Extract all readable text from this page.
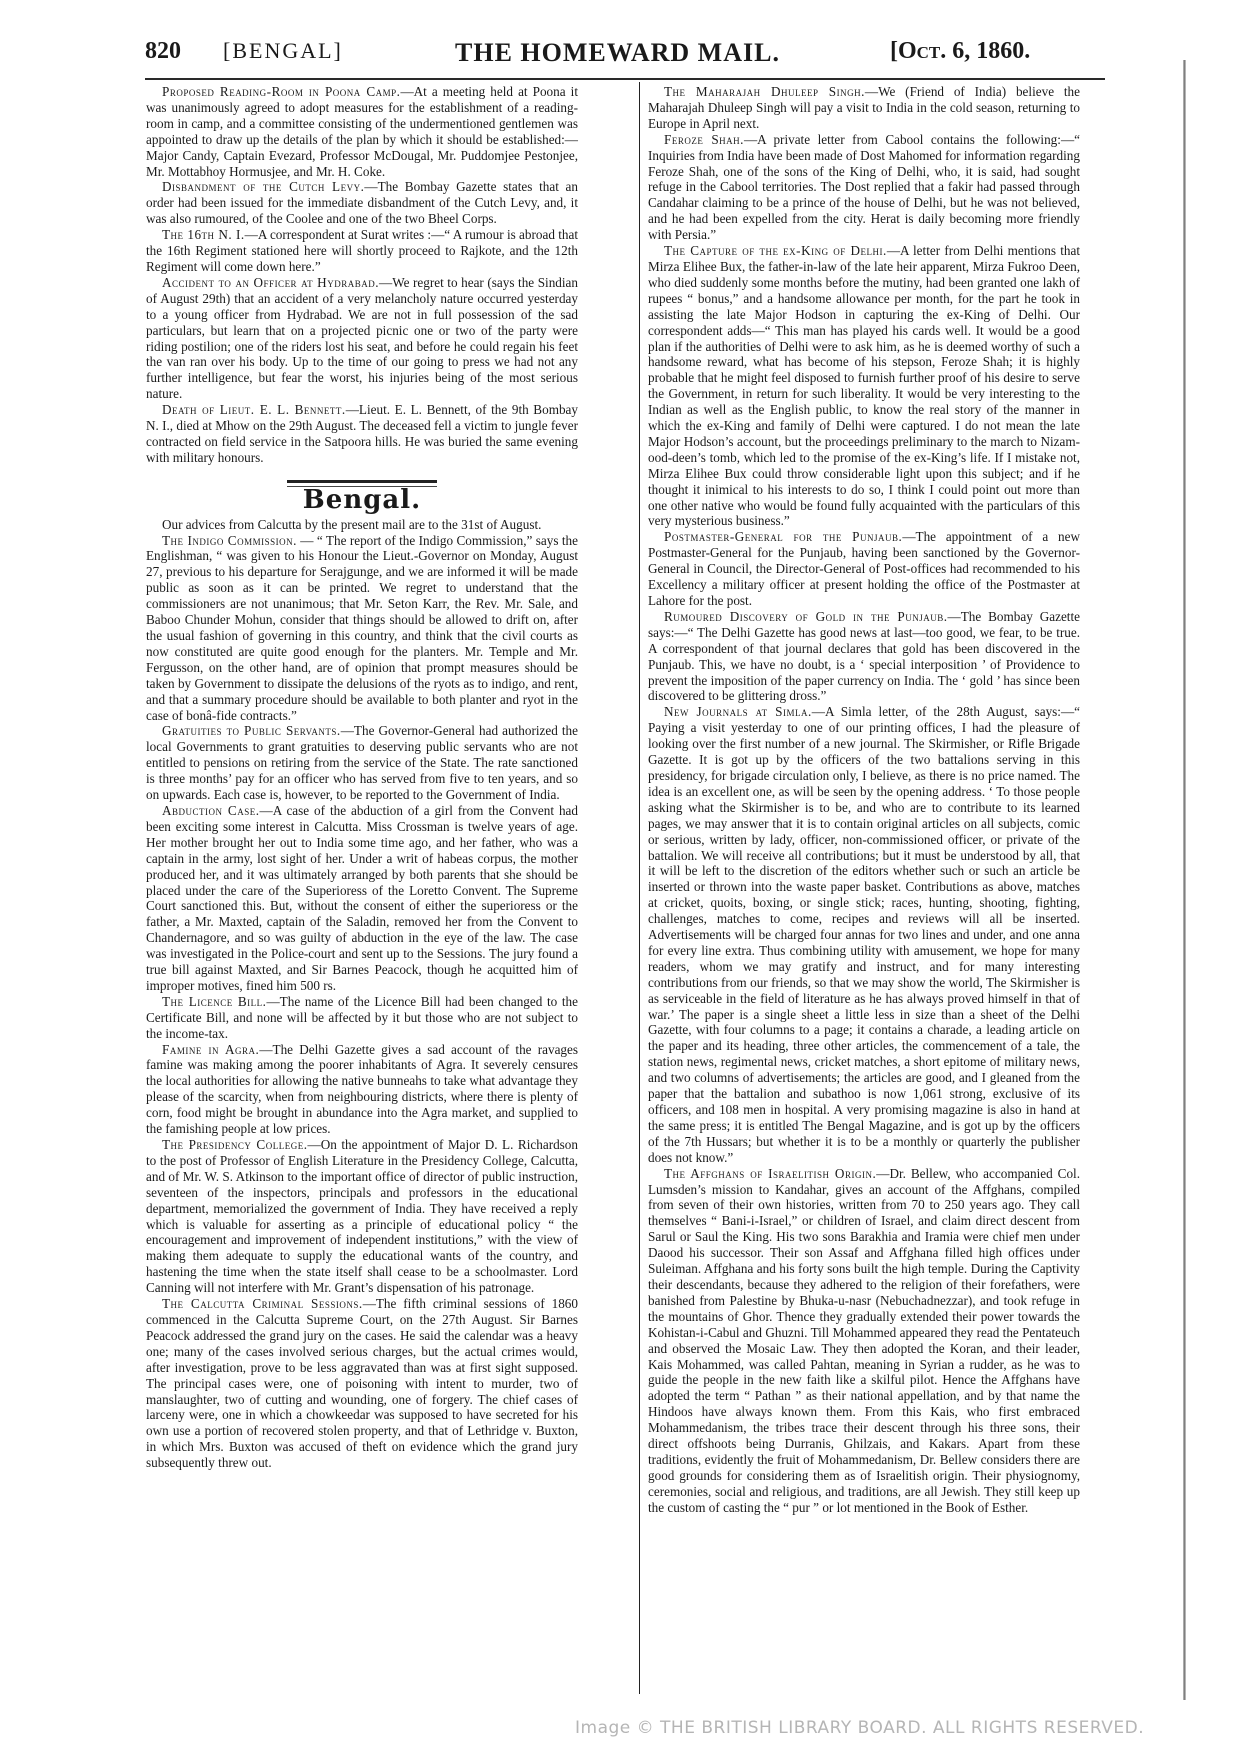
820 [BENGAL]	THE HOMEWARD MAIL.	[Oct. 6, 1860.

Proposed Reading-Room in Poona Camp.—At a meeting held at Poona it was unanimously agreed to adopt measures for the establishment of a reading-room in camp, and a committee consisting of the undermentioned gentlemen was appointed to draw up the details of the plan by which it should be established:—Major Candy, Captain Evezard, Professor McDougal, Mr. Puddomjee Pestonjee, Mr. Mottabhoy Hormusjee, and Mr. H. Coke.

Disbandment of the Cutch Levy.—The Bombay Gazette states that an order had been issued for the immediate disbandment of the Cutch Levy, and, it was also rumoured, of the Coolee and one of the two Bheel Corps.

The 16th N. I.—A correspondent at Surat writes :—“ A rumour is abroad that the 16th Regiment stationed here will shortly proceed to Rajkote, and the 12th Regiment will come down here.”

Accident to an Officer at Hydrabad.—We regret to hear (says the Sindian of August 29th) that an accident of a very melancholy nature occurred yesterday to a young officer from Hydrabad. We are not in full possession of the sad particulars, but learn that on a projected picnic one or two of the party were riding postilion; one of the riders lost his seat, and before he could regain his feet the van ran over his body. Up to the time of our going to press we had not any further intelligence, but fear the worst, his injuries being of the most serious nature.

Death of Lieut. E. L. Bennett.—Lieut. E. L. Bennett, of the 9th Bombay N. I., died at Mhow on the 29th August. The deceased fell a victim to jungle fever contracted on field service in the Satpoora hills. He was buried the same evening with military honours.

Bengal.

Our advices from Calcutta by the present mail are to the 31st of August.

The Indigo Commission. — “ The report of the Indigo Commission,” says the Englishman, “ was given to his Honour the Lieut.-Governor on Monday, August 27, previous to his departure for Serajgunge, and we are informed it will be made public as soon as it can be printed. We regret to understand that the commissioners are not unanimous; that Mr. Seton Karr, the Rev. Mr. Sale, and Baboo Chunder Mohun, consider that things should be allowed to drift on, after the usual fashion of governing in this country, and think that the civil courts as now constituted are quite good enough for the planters. Mr. Temple and Mr. Fergusson, on the other hand, are of opinion that prompt measures should be taken by Government to dissipate the delusions of the ryots as to indigo, and rent, and that a summary procedure should be available to both planter and ryot in the case of bonâ-fide contracts.”

Gratuities to Public Servants.—The Governor-General had authorized the local Governments to grant gratuities to deserving public servants who are not entitled to pensions on retiring from the service of the State. The rate sanctioned is three months’ pay for an officer who has served from five to ten years, and so on upwards. Each case is, however, to be reported to the Government of India.

Abduction Case.—A case of the abduction of a girl from the Convent had been exciting some interest in Calcutta. Miss Crossman is twelve years of age. Her mother brought her out to India some time ago, and her father, who was a captain in the army, lost sight of her. Under a writ of habeas corpus, the mother produced her, and it was ultimately arranged by both parents that she should be placed under the care of the Superioress of the Loretto Convent. The Supreme Court sanctioned this. But, without the consent of either the superioress or the father, a Mr. Maxted, captain of the Saladin, removed her from the Convent to Chandernagore, and so was guilty of abduction in the eye of the law. The case was investigated in the Police-court and sent up to the Sessions. The jury found a true bill against Maxted, and Sir Barnes Peacock, though he acquitted him of improper motives, fined him 500 rs.

The Licence Bill.—The name of the Licence Bill had been changed to the Certificate Bill, and none will be affected by it but those who are not subject to the income-tax.

Famine in Agra.—The Delhi Gazette gives a sad account of the ravages famine was making among the poorer inhabitants of Agra. It severely censures the local authorities for allowing the native bunneahs to take what advantage they please of the scarcity, when from neighbouring districts, where there is plenty of corn, food might be brought in abundance into the Agra market, and supplied to the famishing people at low prices.

The Presidency College.—On the appointment of Major D. L. Richardson to the post of Professor of English Literature in the Presidency College, Calcutta, and of Mr. W. S. Atkinson to the important office of director of public instruction, seventeen of the inspectors, principals and professors in the educational department, memorialized the government of India. They have received a reply which is valuable for asserting as a principle of educational policy “ the encouragement and improvement of independent institutions,” with the view of making them adequate to supply the educational wants of the country, and hastening the time when the state itself shall cease to be a schoolmaster. Lord Canning will not interfere with Mr. Grant’s dispensation of his patronage.

The Calcutta Criminal Sessions.—The fifth criminal sessions of 1860 commenced in the Calcutta Supreme Court, on the 27th August. Sir Barnes Peacock addressed the grand jury on the cases. He said the calendar was a heavy one; many of the cases involved serious charges, but the actual crimes would, after investigation, prove to be less aggravated than was at first sight supposed. The principal cases were, one of poisoning with intent to murder, two of manslaughter, two of cutting and wounding, one of forgery. The chief cases of larceny were, one in which a chowkeedar was supposed to have secreted for his own use a portion of recovered stolen property, and that of Lethridge v. Buxton, in which Mrs. Buxton was accused of theft on evidence which the grand jury subsequently threw out.

The Maharajah Dhuleep Singh.—We (Friend of India) believe the Maharajah Dhuleep Singh will pay a visit to India in the cold season, returning to Europe in April next.

Feroze Shah.—A private letter from Cabool contains the following:—“ Inquiries from India have been made of Dost Mahomed for information regarding Feroze Shah, one of the sons of the King of Delhi, who, it is said, had sought refuge in the Cabool territories. The Dost replied that a fakir had passed through Candahar claiming to be a prince of the house of Delhi, but he was not believed, and he had been expelled from the city. Herat is daily becoming more friendly with Persia.”

The Capture of the ex-King of Delhi.—A letter from Delhi mentions that Mirza Elihee Bux, the father-in-law of the late heir apparent, Mirza Fukroo Deen, who died suddenly some months before the mutiny, had been granted one lakh of rupees “ bonus,” and a handsome allowance per month, for the part he took in assisting the late Major Hodson in capturing the ex-King of Delhi. Our correspondent adds—“ This man has played his cards well. It would be a good plan if the authorities of Delhi were to ask him, as he is deemed worthy of such a handsome reward, what has become of his stepson, Feroze Shah; it is highly probable that he might feel disposed to furnish further proof of his desire to serve the Government, in return for such liberality. It would be very interesting to the Indian as well as the English public, to know the real story of the manner in which the ex-King and family of Delhi were captured. I do not mean the late Major Hodson’s account, but the proceedings preliminary to the march to Nizam-ood-deen’s tomb, which led to the promise of the ex-King’s life. If I mistake not, Mirza Elihee Bux could throw considerable light upon this subject; and if he thought it inimical to his interests to do so, I think I could point out more than one other native who would be found fully acquainted with the particulars of this very mysterious business.”

Postmaster-General for the Punjaub.—The appointment of a new Postmaster-General for the Punjaub, having been sanctioned by the Governor-General in Council, the Director-General of Post-offices had recommended to his Excellency a military officer at present holding the office of the Postmaster at Lahore for the post.

Rumoured Discovery of Gold in the Punjaub.—The Bombay Gazette says:—“ The Delhi Gazette has good news at last—too good, we fear, to be true. A correspondent of that journal declares that gold has been discovered in the Punjaub. This, we have no doubt, is a ‘ special interposition ’ of Providence to prevent the imposition of the paper currency on India. The ‘ gold ’ has since been discovered to be glittering dross.”

New Journals at Simla.—A Simla letter, of the 28th August, says:—“ Paying a visit yesterday to one of our printing offices, I had the pleasure of looking over the first number of a new journal. The Skirmisher, or Rifle Brigade Gazette. It is got up by the officers of the two battalions serving in this presidency, for brigade circulation only, I believe, as there is no price named. The idea is an excellent one, as will be seen by the opening address. ‘ To those people asking what the Skirmisher is to be, and who are to contribute to its learned pages, we may answer that it is to contain original articles on all subjects, comic or serious, written by lady, officer, non-commissioned officer, or private of the battalion. We will receive all contributions; but it must be understood by all, that it will be left to the discretion of the editors whether such or such an article be inserted or thrown into the waste paper basket. Contributions as above, matches at cricket, quoits, boxing, or single stick; races, hunting, shooting, fighting, challenges, matches to come, recipes and reviews will all be inserted. Advertisements will be charged four annas for two lines and under, and one anna for every line extra. Thus combining utility with amusement, we hope for many readers, whom we may gratify and instruct, and for many interesting contributions from our friends, so that we may show the world, The Skirmisher is as serviceable in the field of literature as he has always proved himself in that of war.’ The paper is a single sheet a little less in size than a sheet of the Delhi Gazette, with four columns to a page; it contains a charade, a leading article on the paper and its heading, three other articles, the commencement of a tale, the station news, regimental news, cricket matches, a short epitome of military news, and two columns of advertisements; the articles are good, and I gleaned from the paper that the battalion and subathoo is now 1,061 strong, exclusive of its officers, and 108 men in hospital. A very promising magazine is also in hand at the same press; it is entitled The Bengal Magazine, and is got up by the officers of the 7th Hussars; but whether it is to be a monthly or quarterly the publisher does not know.”

The Affghans of Israelitish Origin.—Dr. Bellew, who accompanied Col. Lumsden’s mission to Kandahar, gives an account of the Affghans, compiled from seven of their own histories, written from 70 to 250 years ago. They call themselves “ Bani-i-Israel,” or children of Israel, and claim direct descent from Sarul or Saul the King. His two sons Barakhia and Iramia were chief men under Daood his successor. Their son Assaf and Affghana filled high offices under Suleiman. Affghana and his forty sons built the high temple. During the Captivity their descendants, because they adhered to the religion of their forefathers, were banished from Palestine by Bhuka-u-nasr (Nebuchadnezzar), and took refuge in the mountains of Ghor. Thence they gradually extended their power towards the Kohistan-i-Cabul and Ghuzni. Till Mohammed appeared they read the Pentateuch and observed the Mosaic Law. They then adopted the Koran, and their leader, Kais Mohammed, was called Pahtan, meaning in Syrian a rudder, as he was to guide the people in the new faith like a skilful pilot. Hence the Affghans have adopted the term “ Pathan ” as their national appellation, and by that name the Hindoos have always known them. From this Kais, who first embraced Mohammedanism, the tribes trace their descent through his three sons, their direct offshoots being Durranis, Ghilzais, and Kakars. Apart from these traditions, evidently the fruit of Mohammedanism, Dr. Bellew considers there are good grounds for considering them as of Israelitish origin. Their physiognomy, ceremonies, social and religious, and traditions, are all Jewish. They still keep up the custom of casting the “ pur ” or lot mentioned in the Book of Esther.

Image © THE BRITISH LIBRARY BOARD. ALL RIGHTS RESERVED.
